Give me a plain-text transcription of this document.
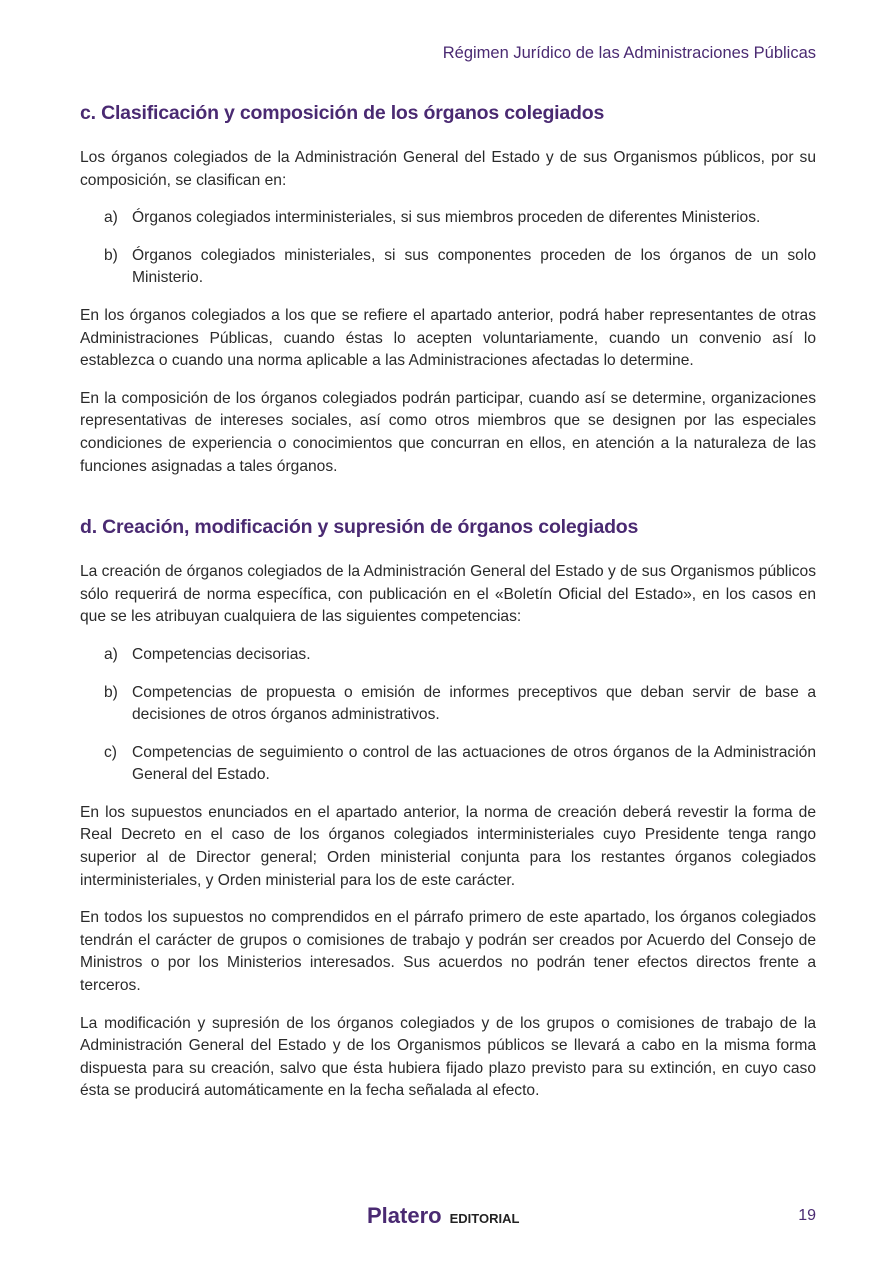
Régimen Jurídico de las Administraciones Públicas
c. Clasificación y composición de los órganos colegiados

Los órganos colegiados de la Administración General del Estado y de sus Organismos públicos, por su composición, se clasifican en:

a) Órganos colegiados interministeriales, si sus miembros proceden de diferentes Ministerios.
b) Órganos colegiados ministeriales, si sus componentes proceden de los órganos de un solo Ministerio.

En los órganos colegiados a los que se refiere el apartado anterior, podrá haber representantes de otras Administraciones Públicas, cuando éstas lo acepten voluntariamente, cuando un convenio así lo establezca o cuando una norma aplicable a las Administraciones afectadas lo determine.

En la composición de los órganos colegiados podrán participar, cuando así se determine, organizaciones representativas de intereses sociales, así como otros miembros que se designen por las especiales condiciones de experiencia o conocimientos que concurran en ellos, en atención a la naturaleza de las funciones asignadas a tales órganos.

d. Creación, modificación y supresión de órganos colegiados

La creación de órganos colegiados de la Administración General del Estado y de sus Organismos públicos sólo requerirá de norma específica, con publicación en el «Boletín Oficial del Estado», en los casos en que se les atribuyan cualquiera de las siguientes competencias:

a) Competencias decisorias.
b) Competencias de propuesta o emisión de informes preceptivos que deban servir de base a decisiones de otros órganos administrativos.
c) Competencias de seguimiento o control de las actuaciones de otros órganos de la Administración General del Estado.

En los supuestos enunciados en el apartado anterior, la norma de creación deberá revestir la forma de Real Decreto en el caso de los órganos colegiados interministeriales cuyo Presidente tenga rango superior al de Director general; Orden ministerial conjunta para los restantes órganos colegiados interministeriales, y Orden ministerial para los de este carácter.

En todos los supuestos no comprendidos en el párrafo primero de este apartado, los órganos colegiados tendrán el carácter de grupos o comisiones de trabajo y podrán ser creados por Acuerdo del Consejo de Ministros o por los Ministerios interesados. Sus acuerdos no podrán tener efectos directos frente a terceros.

La modificación y supresión de los órganos colegiados y de los grupos o comisiones de trabajo de la Administración General del Estado y de los Organismos públicos se llevará a cabo en la misma forma dispuesta para su creación, salvo que ésta hubiera fijado plazo previsto para su extinción, en cuyo caso ésta se producirá automáticamente en la fecha señalada al efecto.

Platero EDITORIAL	19
